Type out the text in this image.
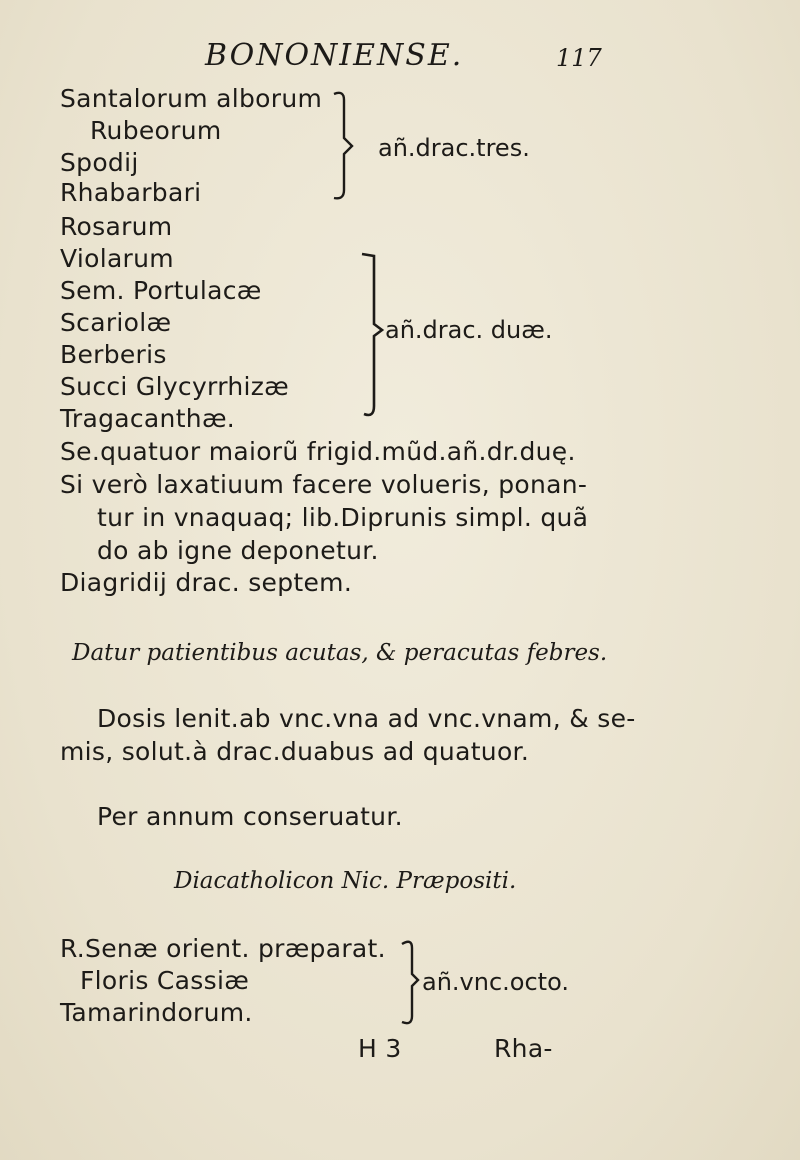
BONONIENSE.	117
Santalorum alborum
Rubeorum
Spodij
Rhabarbari
añ.drac.tres.
Rosarum
Violarum
Sem. Portulacæ
Scariolæ
Berberis
Succi Glycyrrhizæ
Tragacanthæ.
añ.drac. duæ.
Se.quatuor maiorũ frigid.mũd.añ.dr.duę.
Si verò laxatiuum facere volueris, ponan-
tur in vnaquaq; lib.Diprunis simpl. quã
do ab igne deponetur.
Diagridij drac. septem.
Datur patientibus acutas, & peracutas febres.
Dosis lenit.ab vnc.vna ad vnc.vnam, & se-
mis, solut.à drac.duabus ad quatuor.
Per annum conseruatur.
Diacatholicon Nic. Præpositi.
R.Senæ orient. præparat.
Floris Cassiæ
Tamarindorum.
añ.vnc.octo.
H 3	Rha-
